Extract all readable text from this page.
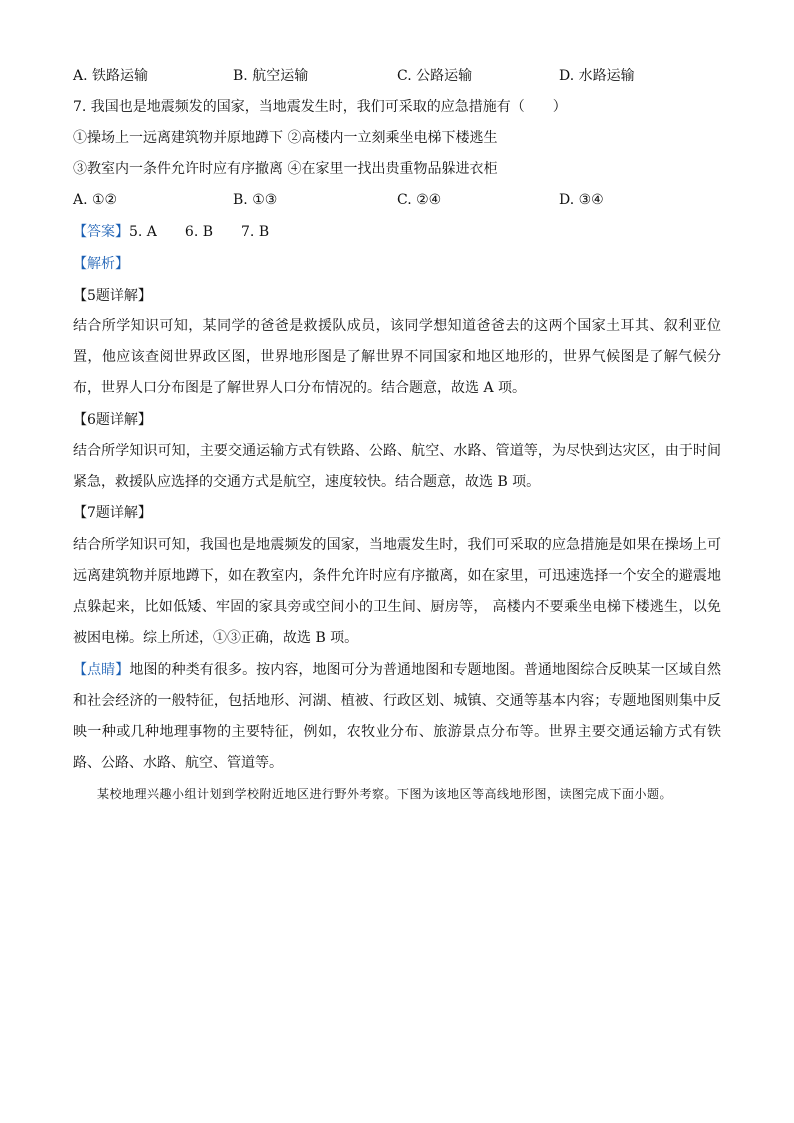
A. 铁路运输	B. 航空运输	C. 公路运输	D. 水路运输
7. 我国也是地震频发的国家，当地震发生时，我们可采取的应急措施有（　　）
①操场上一远离建筑物并原地蹲下 ②高楼内一立刻乘坐电梯下楼逃生
③教室内一条件允许时应有序撤离 ④在家里一找出贵重物品躲进衣柜
A. ①②	B. ①③	C. ②④	D. ③④
【答案】5. A　　6. B　　7. B
【解析】
【5题详解】

结合所学知识可知，某同学的爸爸是救援队成员，该同学想知道爸爸去的这两个国家土耳其、叙利亚位置，他应该查阅世界政区图，世界地形图是了解世界不同国家和地区地形的，世界气候图是了解气候分布，世界人口分布图是了解世界人口分布情况的。结合题意，故选 A 项。

【6题详解】

结合所学知识可知，主要交通运输方式有铁路、公路、航空、水路、管道等，为尽快到达灾区，由于时间紧急，救援队应选择的交通方式是航空，速度较快。结合题意，故选 B 项。

【7题详解】

结合所学知识可知，我国也是地震频发的国家，当地震发生时，我们可采取的应急措施是如果在操场上可远离建筑物并原地蹲下，如在教室内，条件允许时应有序撤离，如在家里，可迅速选择一个安全的避震地点躲起来，比如低矮、牢固的家具旁或空间小的卫生间、厨房等， 高楼内不要乘坐电梯下楼逃生，以免被困电梯。综上所述，①③正确，故选 B 项。

【点睛】地图的种类有很多。按内容，地图可分为普通地图和专题地图。普通地图综合反映某一区域自然和社会经济的一般特征，包括地形、河湖、植被、行政区划、城镇、交通等基本内容；专题地图则集中反映一种或几种地理事物的主要特征，例如，农牧业分布、旅游景点分布等。世界主要交通运输方式有铁路、公路、水路、航空、管道等。

某校地理兴趣小组计划到学校附近地区进行野外考察。下图为该地区等高线地形图，读图完成下面小题。
